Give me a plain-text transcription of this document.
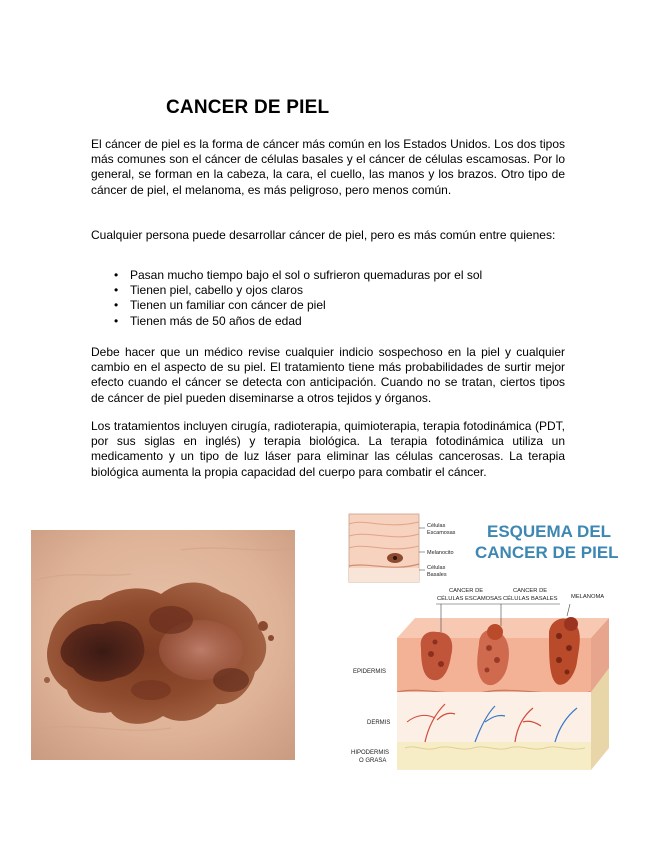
CANCER DE PIEL

El cáncer de piel es la forma de cáncer más común en los Estados Unidos. Los dos tipos más comunes son el cáncer de células basales y el cáncer de células escamosas. Por lo general, se forman en la cabeza, la cara, el cuello, las manos y los brazos. Otro tipo de cáncer de piel, el melanoma, es más peligroso, pero menos común.

Cualquier persona puede desarrollar cáncer de piel, pero es más común entre quienes:

• Pasan mucho tiempo bajo el sol o sufrieron quemaduras por el sol
• Tienen piel, cabello y ojos claros
• Tienen un familiar con cáncer de piel
• Tienen más de 50 años de edad

Debe hacer que un médico revise cualquier indicio sospechoso en la piel y cualquier cambio en el aspecto de su piel. El tratamiento tiene más probabilidades de surtir mejor efecto cuando el cáncer se detecta con anticipación. Cuando no se tratan, ciertos tipos de cáncer de piel pueden diseminarse a otros tejidos y órganos.

Los tratamientos incluyen cirugía, radioterapia, quimioterapia, terapia fotodinámica (PDT, por sus siglas en inglés) y terapia biológica. La terapia fotodinámica utiliza un medicamento y un tipo de luz láser para eliminar las células cancerosas. La terapia biológica aumenta la propia capacidad del cuerpo para combatir el cáncer.

Células
Escamosas
Melanocito
Células
Basales
ESQUEMA DEL
CANCER DE PIEL
CANCER DE
CÉLULAS ESCAMOSAS
CANCER DE
CÉLULAS BASALES MELANOMA
EPIDERMIS
DERMIS
HIPODERMIS
O GRASA
